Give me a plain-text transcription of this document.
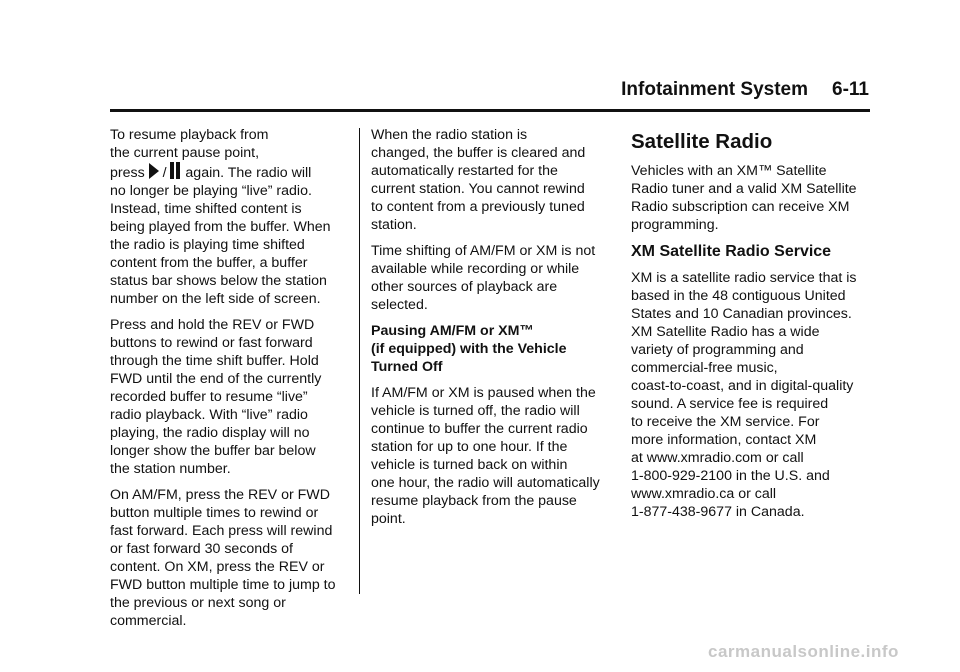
Infotainment System 6-11

To resume playback from
the current pause point,
press  /  again. The radio will
no longer be playing “live” radio.
Instead, time shifted content is
being played from the buffer. When
the radio is playing time shifted
content from the buffer, a buffer
status bar shows below the station
number on the left side of screen.

Press and hold the REV or FWD
buttons to rewind or fast forward
through the time shift buffer. Hold
FWD until the end of the currently
recorded buffer to resume “live”
radio playback. With “live” radio
playing, the radio display will no
longer show the buffer bar below
the station number.

On AM/FM, press the REV or FWD
button multiple times to rewind or
fast forward. Each press will rewind
or fast forward 30 seconds of
content. On XM, press the REV or
FWD button multiple time to jump to
the previous or next song or
commercial.

When the radio station is
changed, the buffer is cleared and
automatically restarted for the
current station. You cannot rewind
to content from a previously tuned
station.

Time shifting of AM/FM or XM is not
available while recording or while
other sources of playback are
selected.

Pausing AM/FM or XM™
(if equipped) with the Vehicle
Turned Off

If AM/FM or XM is paused when the
vehicle is turned off, the radio will
continue to buffer the current radio
station for up to one hour. If the
vehicle is turned back on within
one hour, the radio will automatically
resume playback from the pause
point.

Satellite Radio

Vehicles with an XM™ Satellite
Radio tuner and a valid XM Satellite
Radio subscription can receive XM
programming.

XM Satellite Radio Service

XM is a satellite radio service that is
based in the 48 contiguous United
States and 10 Canadian provinces.
XM Satellite Radio has a wide
variety of programming and
commercial-free music,
coast-to-coast, and in digital-quality
sound. A service fee is required
to receive the XM service. For
more information, contact XM
at www.xmradio.com or call
1-800-929-2100 in the U.S. and
www.xmradio.ca or call
1-877-438-9677 in Canada.

carmanualsonline.info
